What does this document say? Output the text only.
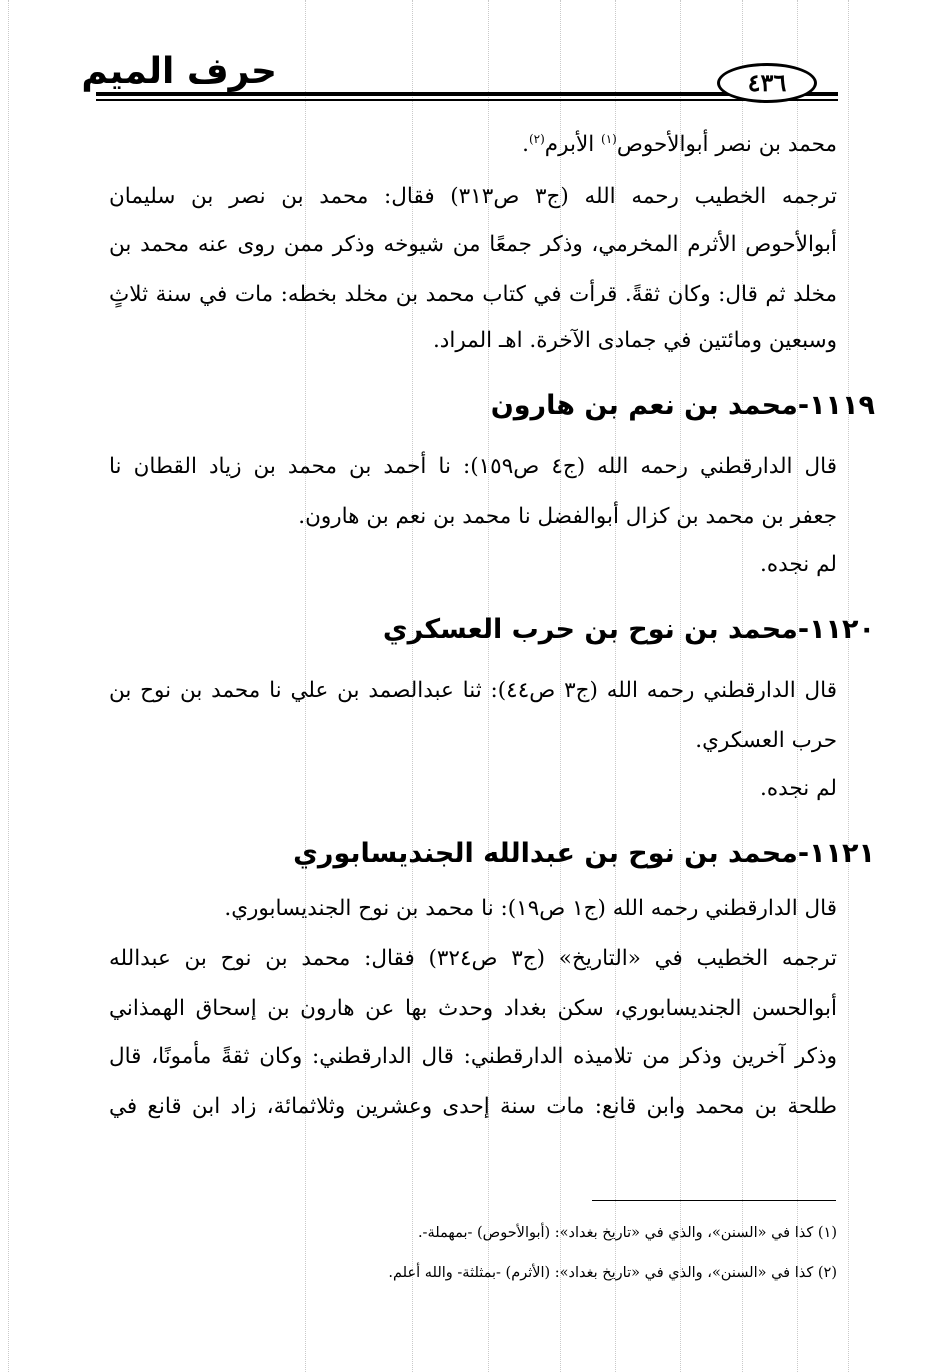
حرف الميم	٤٣٦
محمد بن نصر أبوالأحوص$^{(١)}$ الأبرم$^{(٢)}$.
ترجمه الخطيب رحمه الله (ج٣ ص٣١٣) فقال: محمد بن نصر بن سليمان
أبوالأحوص الأثرم المخرمي، وذكر جمعًا من شيوخه وذكر ممن روى عنه محمد بن
مخلد ثم قال: وكان ثقةً. قرأت في كتاب محمد بن مخلد بخطه: مات في سنة ثلاثٍ
وسبعين ومائتين في جمادى الآخرة. اهـ المراد.
١١١٩-محمد بن نعم بن هارون
قال الدارقطني رحمه الله (ج٤ ص١٥٩): نا أحمد بن محمد بن زياد القطان نا
جعفر بن محمد بن كزال أبوالفضل نا محمد بن نعم بن هارون.
لم نجده.
١١٢٠-محمد بن نوح بن حرب العسكري
قال الدارقطني رحمه الله (ج٣ ص٤٤): ثنا عبدالصمد بن علي نا محمد بن نوح بن
حرب العسكري.
لم نجده.
١١٢١-محمد بن نوح بن عبدالله الجنديسابوري
قال الدارقطني رحمه الله (ج١ ص١٩): نا محمد بن نوح الجنديسابوري.
ترجمه الخطيب في «التاريخ» (ج٣ ص٣٢٤) فقال: محمد بن نوح بن عبدالله
أبوالحسن الجنديسابوري، سكن بغداد وحدث بها عن هارون بن إسحاق الهمذاني
وذكر آخرين وذكر من تلاميذه الدارقطني: قال الدارقطني: وكان ثقةً مأمونًا، قال
طلحة بن محمد وابن قانع: مات سنة إحدى وعشرين وثلاثمائة، زاد ابن قانع في
(١) كذا في «السنن»، والذي في «تاريخ بغداد»: (أبوالأحوص) -بمهملة-.
(٢) كذا في «السنن»، والذي في «تاريخ بغداد»: (الأثرم) -بمثلثة- والله أعلم.
